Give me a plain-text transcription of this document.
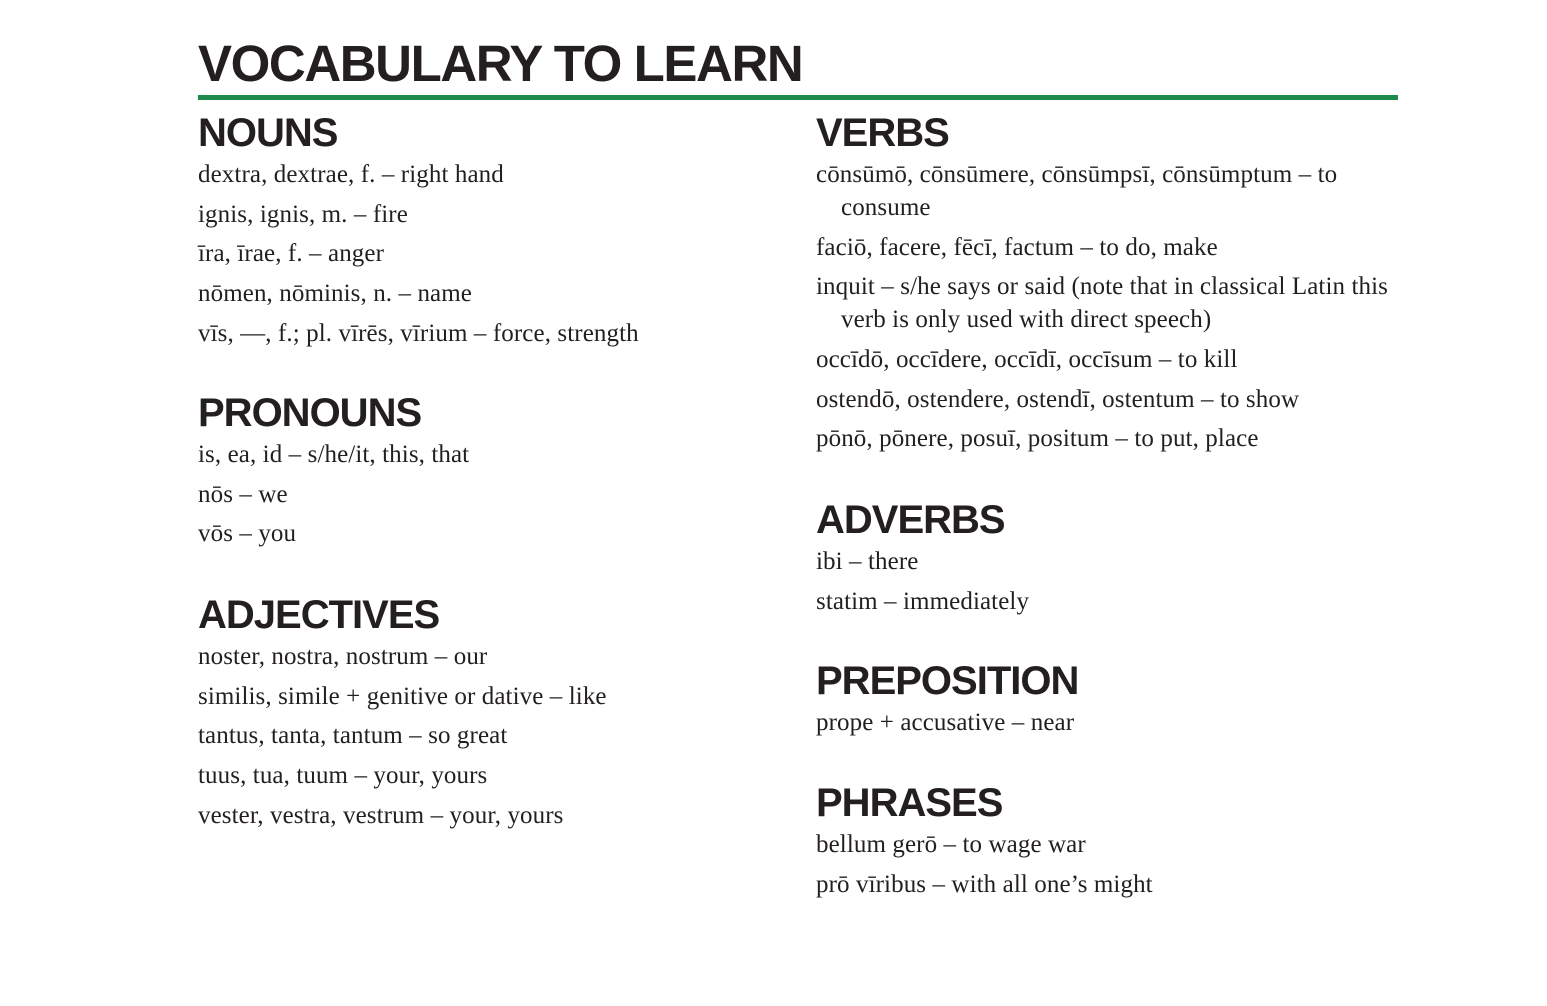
VOCABULARY TO LEARN
NOUNS
dextra, dextrae, f. – right hand
ignis, ignis, m. – fire
īra, īrae, f. – anger
nōmen, nōminis, n. – name
vīs, —, f.; pl. vīrēs, vīrium – force, strength
PRONOUNS
is, ea, id – s/he/it, this, that
nōs – we
vōs – you
ADJECTIVES
noster, nostra, nostrum – our
similis, simile + genitive or dative – like
tantus, tanta, tantum – so great
tuus, tua, tuum – your, yours
vester, vestra, vestrum – your, yours
VERBS
cōnsūmō, cōnsūmere, cōnsūmpsī, cōnsūmptum – to consume
faciō, facere, fēcī, factum – to do, make
inquit – s/he says or said (note that in classical Latin this verb is only used with direct speech)
occīdō, occīdere, occīdī, occīsum – to kill
ostendō, ostendere, ostendī, ostentum – to show
pōnō, pōnere, posuī, positum – to put, place
ADVERBS
ibi – there
statim – immediately
PREPOSITION
prope + accusative – near
PHRASES
bellum gerō – to wage war
prō vīribus – with all one’s might
